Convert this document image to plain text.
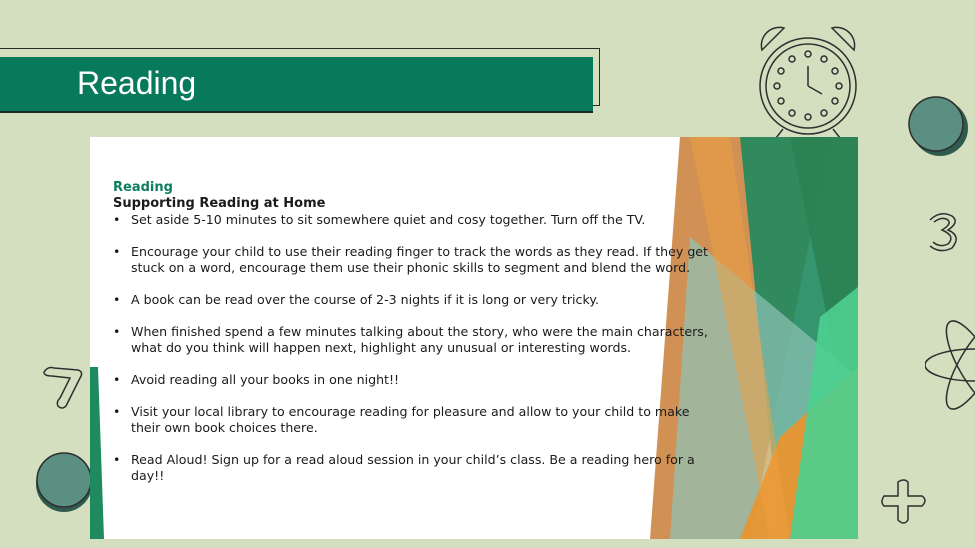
Reading
Reading
Supporting Reading at Home
• Set aside 5-10 minutes to sit somewhere quiet and cosy together. Turn off the TV.
• Encourage your child to use their reading finger to track the words as they read. If they get stuck on a word, encourage them use their phonic skills to segment and blend the word.
• A book can be read over the course of 2-3 nights if it is long or very tricky.
• When finished spend a few minutes talking about the story, who were the main characters, what do you think will happen next, highlight any unusual or interesting words.
• Avoid reading all your books in one night!!
• Visit your local library to encourage reading for pleasure and allow to your child to make their own book choices there.
• Read Aloud! Sign up for a read aloud session in your child’s class. Be a reading hero for a day!!
